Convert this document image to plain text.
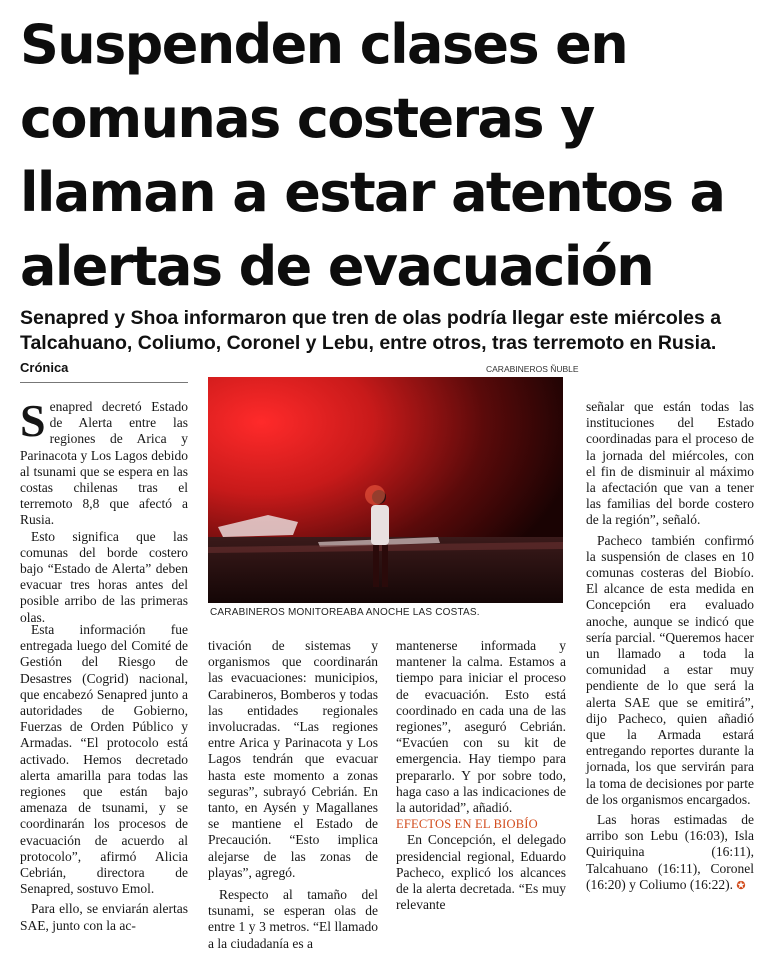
Suspenden clases en comunas costeras y llaman a estar atentos a alertas de evacuación

Senapred y Shoa informaron que tren de olas podría llegar este miércoles a Talcahuano, Coliumo, Coronel y Lebu, entre otros, tras terremoto en Rusia.

Crónica	CARABINEROS ÑUBLE
CARABINEROS MONITOREABA ANOCHE LAS COSTAS.

Senapred decretó Estado de Alerta entre las regiones de Arica y Parinacota y Los Lagos debido al tsunami que se espera en las costas chilenas tras el terremoto 8,8 que afectó a Rusia.

Esto significa que las comunas del borde costero bajo “Estado de Alerta” deben evacuar tres horas antes del posible arribo de las primeras olas.

Esta información fue entregada luego del Comité de Gestión del Riesgo de Desastres (Cogrid) nacional, que encabezó Senapred junto a autoridades de Gobierno, Fuerzas de Orden Público y Armadas. “El protocolo está activado. Hemos decretado alerta amarilla para todas las regiones que están bajo amenaza de tsunami, y se coordinarán los procesos de evacuación de acuerdo al protocolo”, afirmó Alicia Cebrián, directora de Senapred, sostuvo Emol.

Para ello, se enviarán alertas SAE, junto con la ac-

tivación de sistemas y organismos que coordinarán las evacuaciones: municipios, Carabineros, Bomberos y todas las entidades regionales involucradas. “Las regiones entre Arica y Parinacota y Los Lagos tendrán que evacuar hasta este momento a zonas seguras”, subrayó Cebrián. En tanto, en Aysén y Magallanes se mantiene el Estado de Precaución. “Esto implica alejarse de las zonas de playas”, agregó.

Respecto al tamaño del tsunami, se esperan olas de entre 1 y 3 metros. “El llamado a la ciudadanía es a

mantenerse informada y mantener la calma. Estamos a tiempo para iniciar el proceso de evacuación. Esto está coordinado en cada una de las regiones”, aseguró Cebrián. “Evacúen con su kit de emergencia. Hay tiempo para prepararlo. Y por sobre todo, haga caso a las indicaciones de la autoridad”, añadió.

EFECTOS EN EL BIOBÍO

En Concepción, el delegado presidencial regional, Eduardo Pacheco, explicó los alcances de la alerta decretada. “Es muy relevante

señalar que están todas las instituciones del Estado coordinadas para el proceso de la jornada del miércoles, con el fin de disminuir al máximo la afectación que van a tener las familias del borde costero de la región”, señaló.

Pacheco también confirmó la suspensión de clases en 10 comunas costeras del Biobío. El alcance de esta medida en Concepción era evaluado anoche, aunque se indicó que sería parcial. “Queremos hacer un llamado a toda la comunidad a estar muy pendiente de lo que será la alerta SAE que se emitirá”, dijo Pacheco, quien añadió que la Armada estará entregando reportes durante la jornada, los que servirán para la toma de decisiones por parte de los organismos encargados.

Las horas estimadas de arribo son Lebu (16:03), Isla Quiriquina (16:11), Talcahuano (16:11), Coronel (16:20) y Coliumo (16:22). ✪
